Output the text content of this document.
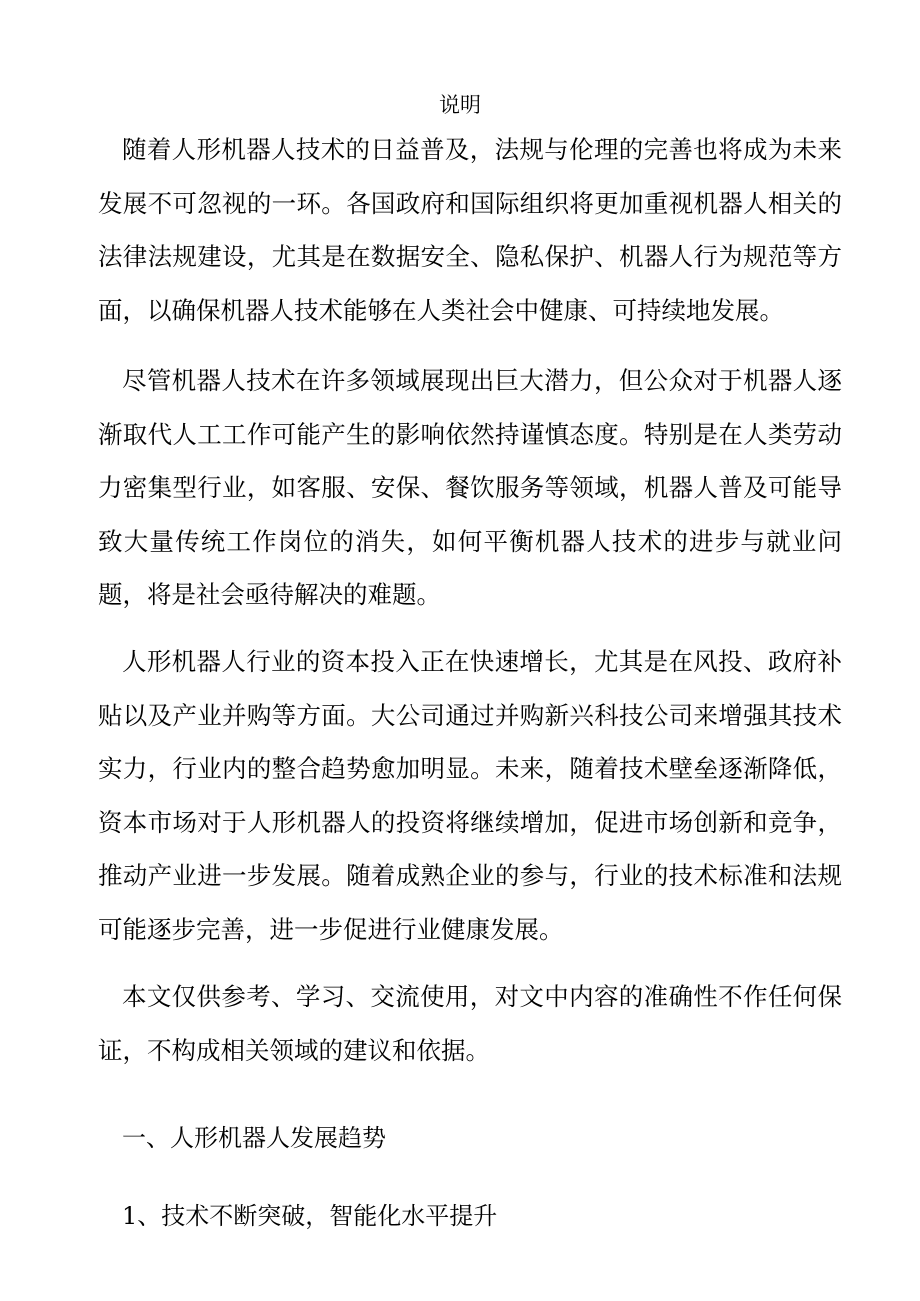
说明

随着人形机器人技术的日益普及，法规与伦理的完善也将成为未来发展不可忽视的一环。各国政府和国际组织将更加重视机器人相关的法律法规建设，尤其是在数据安全、隐私保护、机器人行为规范等方面，以确保机器人技术能够在人类社会中健康、可持续地发展。

尽管机器人技术在许多领域展现出巨大潜力，但公众对于机器人逐渐取代人工工作可能产生的影响依然持谨慎态度。特别是在人类劳动力密集型行业，如客服、安保、餐饮服务等领域，机器人普及可能导致大量传统工作岗位的消失，如何平衡机器人技术的进步与就业问题，将是社会亟待解决的难题。

人形机器人行业的资本投入正在快速增长，尤其是在风投、政府补贴以及产业并购等方面。大公司通过并购新兴科技公司来增强其技术实力，行业内的整合趋势愈加明显。未来，随着技术壁垒逐渐降低，资本市场对于人形机器人的投资将继续增加，促进市场创新和竞争，推动产业进一步发展。随着成熟企业的参与，行业的技术标准和法规可能逐步完善，进一步促进行业健康发展。

本文仅供参考、学习、交流使用，对文中内容的准确性不作任何保证，不构成相关领域的建议和依据。

一、人形机器人发展趋势
1、技术不断突破，智能化水平提升
